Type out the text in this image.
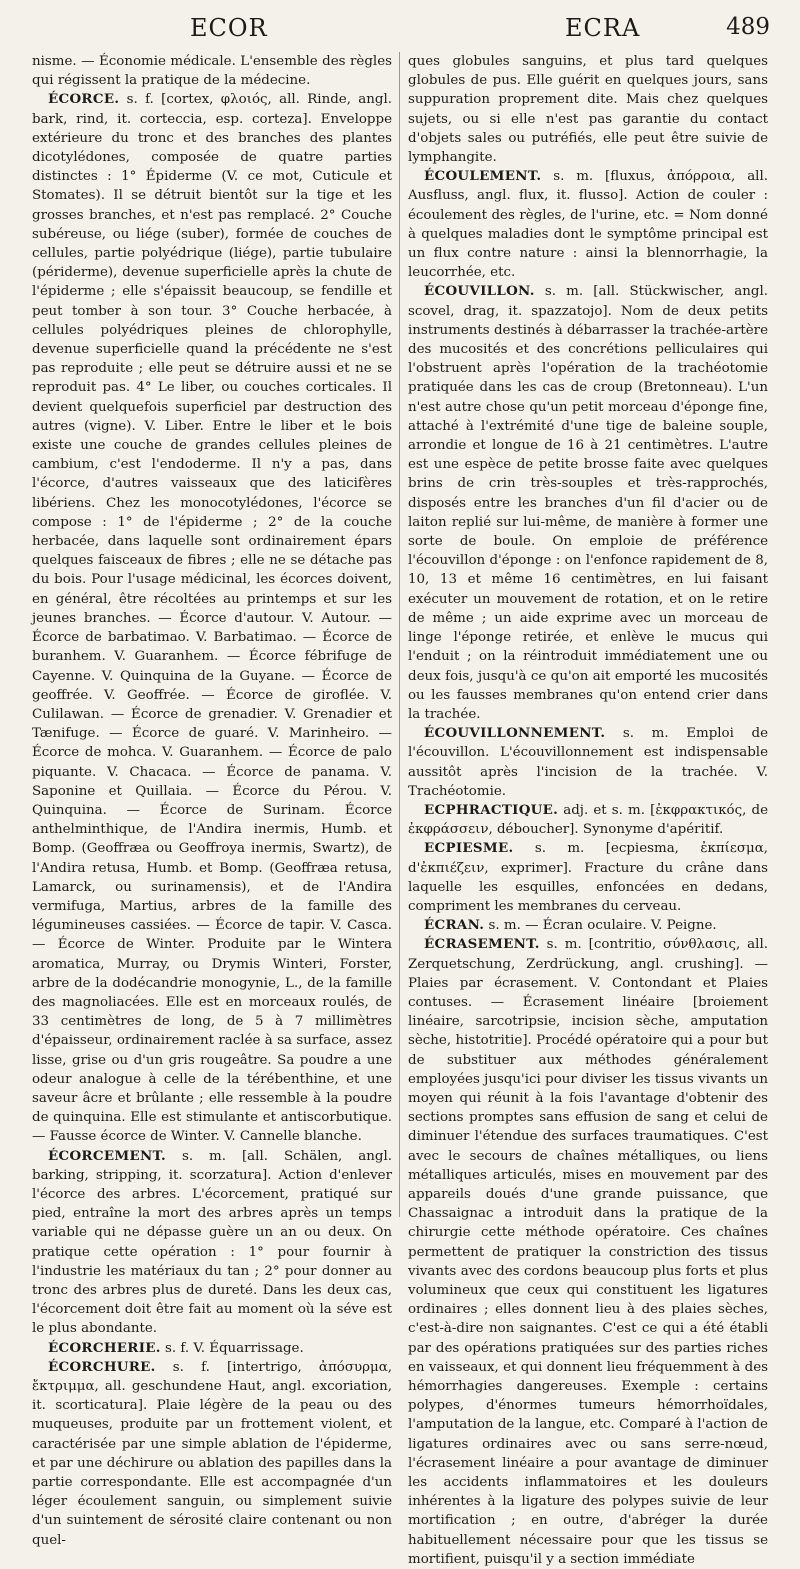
ECOR	ECRA	489

nisme. — Économie médicale. L'ensemble des règles qui régissent la pratique de la médecine.

ÉCORCE. s. f. [cortex, φλοιός, all. Rinde, angl. bark, rind, it. corteccia, esp. corteza]. Enveloppe extérieure du tronc et des branches des plantes dicotylédones, composée de quatre parties distinctes : 1° Épiderme (V. ce mot, Cuticule et Stomates). Il se détruit bientôt sur la tige et les grosses branches, et n'est pas remplacé. 2° Couche subéreuse, ou liége (suber), formée de couches de cellules, partie polyédrique (liége), partie tubulaire (périderme), devenue superficielle après la chute de l'épiderme ; elle s'épaissit beaucoup, se fendille et peut tomber à son tour. 3° Couche herbacée, à cellules polyédriques pleines de chlorophylle, devenue superficielle quand la précédente ne s'est pas reproduite ; elle peut se détruire aussi et ne se reproduit pas. 4° Le liber, ou couches corticales. Il devient quelquefois superficiel par destruction des autres (vigne). V. Liber. Entre le liber et le bois existe une couche de grandes cellules pleines de cambium, c'est l'endoderme. Il n'y a pas, dans l'écorce, d'autres vaisseaux que des laticifères libériens. Chez les monocotylédones, l'écorce se compose : 1° de l'épiderme ; 2° de la couche herbacée, dans laquelle sont ordinairement épars quelques faisceaux de fibres ; elle ne se détache pas du bois. Pour l'usage médicinal, les écorces doivent, en général, être récoltées au printemps et sur les jeunes branches. — Écorce d'autour. V. Autour. — Écorce de barbatimao. V. Barbatimao. — Écorce de buranhem. V. Guaranhem. — Écorce fébrifuge de Cayenne. V. Quinquina de la Guyane. — Écorce de geoffrée. V. Geoffrée. — Écorce de giroflée. V. Culilawan. — Écorce de grenadier. V. Grenadier et Tænifuge. — Écorce de guaré. V. Marinheiro. — Écorce de mohca. V. Guaranhem. — Écorce de palo piquante. V. Chacaca. — Écorce de panama. V. Saponine et Quillaia. — Écorce du Pérou. V. Quinquina. — Écorce de Surinam. Écorce anthelminthique, de l'Andira inermis, Humb. et Bomp. (Geoffræa ou Geoffroya inermis, Swartz), de l'Andira retusa, Humb. et Bomp. (Geoffræa retusa, Lamarck, ou surinamensis), et de l'Andira vermifuga, Martius, arbres de la famille des légumineuses cassiées. — Écorce de tapir. V. Casca. — Écorce de Winter. Produite par le Wintera aromatica, Murray, ou Drymis Winteri, Forster, arbre de la dodécandrie monogynie, L., de la famille des magnoliacées. Elle est en morceaux roulés, de 33 centimètres de long, de 5 à 7 millimètres d'épaisseur, ordinairement raclée à sa surface, assez lisse, grise ou d'un gris rougeâtre. Sa poudre a une odeur analogue à celle de la térébenthine, et une saveur âcre et brûlante ; elle ressemble à la poudre de quinquina. Elle est stimulante et antiscorbutique. — Fausse écorce de Winter. V. Cannelle blanche.

ÉCORCEMENT. s. m. [all. Schälen, angl. barking, stripping, it. scorzatura]. Action d'enlever l'écorce des arbres. L'écorcement, pratiqué sur pied, entraîne la mort des arbres après un temps variable qui ne dépasse guère un an ou deux. On pratique cette opération : 1° pour fournir à l'industrie les matériaux du tan ; 2° pour donner au tronc des arbres plus de dureté. Dans les deux cas, l'écorcement doit être fait au moment où la séve est le plus abondante.

ÉCORCHERIE. s. f. V. Équarrissage.

ÉCORCHURE. s. f. [intertrigo, ἀπόσυρμα, ἔκτριμμα, all. geschundene Haut, angl. excoriation, it. scorticatura]. Plaie légère de la peau ou des muqueuses, produite par un frottement violent, et caractérisée par une simple ablation de l'épiderme, et par une déchirure ou ablation des papilles dans la partie correspondante. Elle est accompagnée d'un léger écoulement sanguin, ou simplement suivie d'un suintement de sérosité claire contenant ou non quel-

ques globules sanguins, et plus tard quelques globules de pus. Elle guérit en quelques jours, sans suppuration proprement dite. Mais chez quelques sujets, ou si elle n'est pas garantie du contact d'objets sales ou putréfiés, elle peut être suivie de lymphangite.

ÉCOULEMENT. s. m. [fluxus, ἀπόρροια, all. Ausfluss, angl. flux, it. flusso]. Action de couler : écoulement des règles, de l'urine, etc. = Nom donné à quelques maladies dont le symptôme principal est un flux contre nature : ainsi la blennorrhagie, la leucorrhée, etc.

ÉCOUVILLON. s. m. [all. Stückwischer, angl. scovel, drag, it. spazzatojo]. Nom de deux petits instruments destinés à débarrasser la trachée-artère des mucosités et des concrétions pelliculaires qui l'obstruent après l'opération de la trachéotomie pratiquée dans les cas de croup (Bretonneau). L'un n'est autre chose qu'un petit morceau d'éponge fine, attaché à l'extrémité d'une tige de baleine souple, arrondie et longue de 16 à 21 centimètres. L'autre est une espèce de petite brosse faite avec quelques brins de crin très-souples et très-rapprochés, disposés entre les branches d'un fil d'acier ou de laiton replié sur lui-même, de manière à former une sorte de boule. On emploie de préférence l'écouvillon d'éponge : on l'enfonce rapidement de 8, 10, 13 et même 16 centimètres, en lui faisant exécuter un mouvement de rotation, et on le retire de même ; un aide exprime avec un morceau de linge l'éponge retirée, et enlève le mucus qui l'enduit ; on la réintroduit immédiatement une ou deux fois, jusqu'à ce qu'on ait emporté les mucosités ou les fausses membranes qu'on entend crier dans la trachée.

ÉCOUVILLONNEMENT. s. m. Emploi de l'écouvillon. L'écouvillonnement est indispensable aussitôt après l'incision de la trachée. V. Trachéotomie.

ECPHRACTIQUE. adj. et s. m. [ἐκφρακτικός, de ἐκφράσσειν, déboucher]. Synonyme d'apéritif.

ECPIESME. s. m. [ecpiesma, ἐκπίεσμα, d'ἐκπιέζειν, exprimer]. Fracture du crâne dans laquelle les esquilles, enfoncées en dedans, compriment les membranes du cerveau.

ÉCRAN. s. m. — Écran oculaire. V. Peigne.

ÉCRASEMENT. s. m. [contritio, σύνθλασις, all. Zerquetschung, Zerdrückung, angl. crushing]. — Plaies par écrasement. V. Contondant et Plaies contuses. — Écrasement linéaire [broiement linéaire, sarcotripsie, incision sèche, amputation sèche, histotritie]. Procédé opératoire qui a pour but de substituer aux méthodes généralement employées jusqu'ici pour diviser les tissus vivants un moyen qui réunit à la fois l'avantage d'obtenir des sections promptes sans effusion de sang et celui de diminuer l'étendue des surfaces traumatiques. C'est avec le secours de chaînes métalliques, ou liens métalliques articulés, mises en mouvement par des appareils doués d'une grande puissance, que Chassaignac a introduit dans la pratique de la chirurgie cette méthode opératoire. Ces chaînes permettent de pratiquer la constriction des tissus vivants avec des cordons beaucoup plus forts et plus volumineux que ceux qui constituent les ligatures ordinaires ; elles donnent lieu à des plaies sèches, c'est-à-dire non saignantes. C'est ce qui a été établi par des opérations pratiquées sur des parties riches en vaisseaux, et qui donnent lieu fréquemment à des hémorrhagies dangereuses. Exemple : certains polypes, d'énormes tumeurs hémorrhoïdales, l'amputation de la langue, etc. Comparé à l'action de ligatures ordinaires avec ou sans serre-nœud, l'écrasement linéaire a pour avantage de diminuer les accidents inflammatoires et les douleurs inhérentes à la ligature des polypes suivie de leur mortification ; en outre, d'abréger la durée habituellement nécessaire pour que les tissus se mortifient, puisqu'il y a section immédiate
